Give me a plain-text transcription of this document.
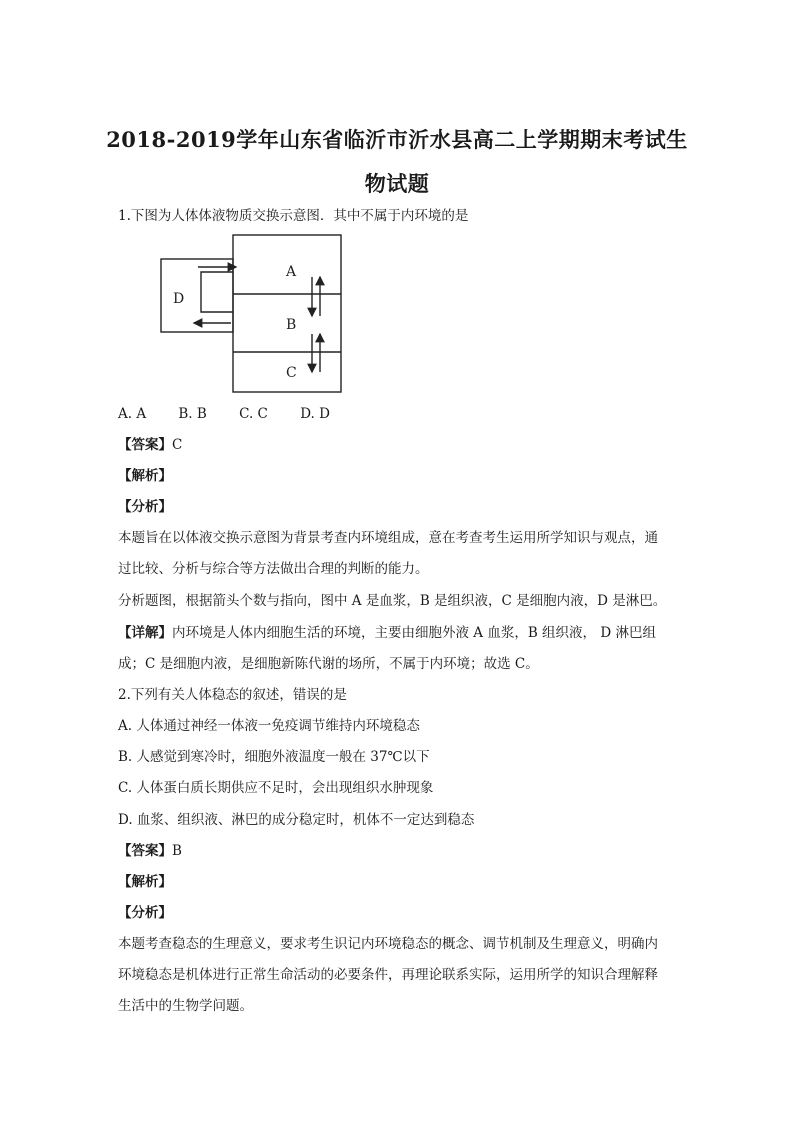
2018-2019学年山东省临沂市沂水县高二上学期期末考试生
物试题
1.下图为人体体液物质交换示意图．其中不属于内环境的是
A
B
C
D
A. A B. B C. C D. D
【答案】C
【解析】
【分析】
本题旨在以体液交换示意图为背景考查内环境组成，意在考查考生运用所学知识与观点，通
过比较、分析与综合等方法做出合理的判断的能力。
分析题图，根据箭头个数与指向，图中 A 是血浆，B 是组织液，C 是细胞内液，D 是淋巴。
【详解】内环境是人体内细胞生活的环境，主要由细胞外液 A 血浆，B 组织液， D 淋巴组
成；C 是细胞内液，是细胞新陈代谢的场所，不属于内环境；故选 C。
2.下列有关人体稳态的叙述，错误的是
A. 人体通过神经一体液一免疫调节维持内环境稳态
B. 人感觉到寒冷时，细胞外液温度一般在 37℃以下
C. 人体蛋白质长期供应不足时，会出现组织水肿现象
D. 血浆、组织液、淋巴的成分稳定时，机体不一定达到稳态
【答案】B
【解析】
【分析】
本题考查稳态的生理意义，要求考生识记内环境稳态的概念、调节机制及生理意义，明确内
环境稳态是机体进行正常生命活动的必要条件，再理论联系实际，运用所学的知识合理解释
生活中的生物学问题。
